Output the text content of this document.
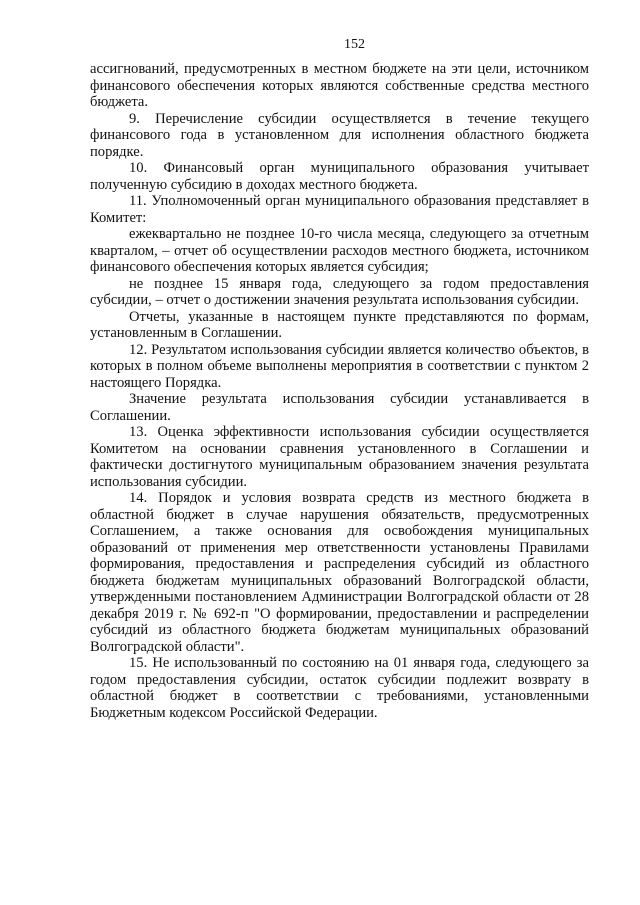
152

ассигнований, предусмотренных в местном бюджете на эти цели, источником финансового обеспечения которых являются собственные средства местного бюджета.

9. Перечисление субсидии осуществляется в течение текущего финансового года в установленном для исполнения областного бюджета порядке.

10. Финансовый орган муниципального образования учитывает полученную субсидию в доходах местного бюджета.

11. Уполномоченный орган муниципального образования представляет в Комитет:

ежеквартально не позднее 10-го числа месяца, следующего за отчетным кварталом, – отчет об осуществлении расходов местного бюджета, источником финансового обеспечения которых является субсидия;

не позднее 15 января года, следующего за годом предоставления субсидии, – отчет о достижении значения результата использования субсидии.

Отчеты, указанные в настоящем пункте представляются по формам, установленным в Соглашении.

12. Результатом использования субсидии является количество объектов, в которых в полном объеме выполнены мероприятия в соответствии с пунктом 2 настоящего Порядка.

Значение результата использования субсидии устанавливается в Соглашении.

13. Оценка эффективности использования субсидии осуществляется Комитетом на основании сравнения установленного в Соглашении и фактически достигнутого муниципальным образованием значения результата использования субсидии.

14. Порядок и условия возврата средств из местного бюджета в областной бюджет в случае нарушения обязательств, предусмотренных Соглашением, а также основания для освобождения муниципальных образований от применения мер ответственности установлены Правилами формирования, предоставления и распределения субсидий из областного бюджета бюджетам муниципальных образований Волгоградской области, утвержденными постановлением Администрации Волгоградской области от 28 декабря 2019 г. № 692-п "О формировании, предоставлении и распределении субсидий из областного бюджета бюджетам муниципальных образований Волгоградской области".

15. Не использованный по состоянию на 01 января года, следующего за годом предоставления субсидии, остаток субсидии подлежит возврату в областной бюджет в соответствии с требованиями, установленными Бюджетным кодексом Российской Федерации.
